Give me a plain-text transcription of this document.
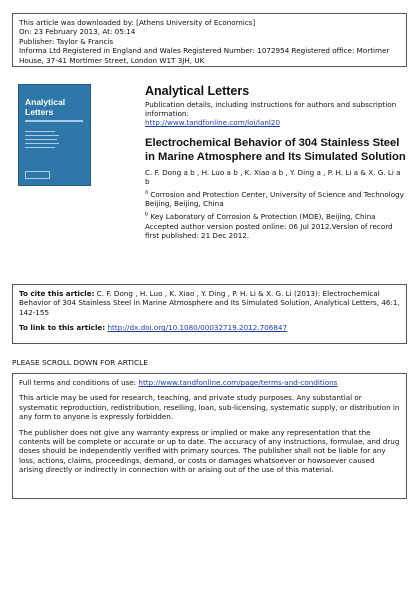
This article was downloaded by: [Athens University of Economics]

On: 23 February 2013, At: 05:14

Publisher: Taylor & Francis

Informa Ltd Registered in England and Wales Registered Number: 1072954 Registered office: Mortimer House, 37-41 Mortimer Street, London W1T 3JH, UK

Analytical
Letters
Analytical Letters

Publication details, including instructions for authors and subscription information:

http://www.tandfonline.com/loi/lanl20

Electrochemical Behavior of 304 Stainless Steel in Marine Atmosphere and Its Simulated Solution

C. F. Dong a b , H. Luo a b , K. Xiao a b , Y. Ding a , P. H. Li a & X. G. Li a b

$^a$ Corrosion and Protection Center, University of Science and Technology Beijing, Beijing, China

$^b$ Key Laboratory of Corrosion & Protection (MOE), Beijing, China

Accepted author version posted online: 06 Jul 2012.Version of record first published: 21 Dec 2012.

To cite this article: C. F. Dong , H. Luo , K. Xiao , Y. Ding , P. H. Li & X. G. Li (2013): Electrochemical Behavior of 304 Stainless Steel in Marine Atmosphere and Its Simulated Solution, Analytical Letters, 46:1, 142-155

To link to this article: http://dx.doi.org/10.1080/00032719.2012.706847

PLEASE SCROLL DOWN FOR ARTICLE

Full terms and conditions of use: http://www.tandfonline.com/page/terms-and-conditions

This article may be used for research, teaching, and private study purposes. Any substantial or systematic reproduction, redistribution, reselling, loan, sub-licensing, systematic supply, or distribution in any form to anyone is expressly forbidden.

The publisher does not give any warranty express or implied or make any representation that the contents will be complete or accurate or up to date. The accuracy of any instructions, formulae, and drug doses should be independently verified with primary sources. The publisher shall not be liable for any loss, actions, claims, proceedings, demand, or costs or damages whatsoever or howsoever caused arising directly or indirectly in connection with or arising out of the use of this material.
